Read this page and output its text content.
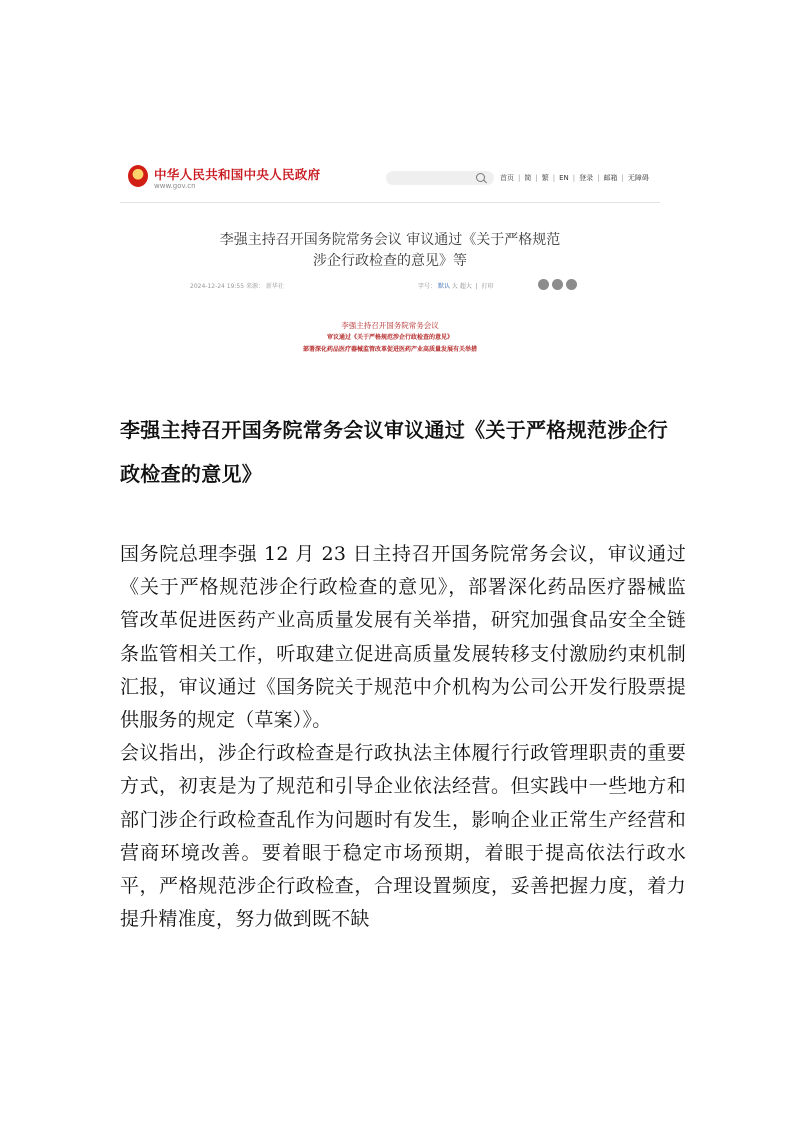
中华人民共和国中央人民政府
www.gov.cn
首页 | 简 | 繁 | EN | 登录 | 邮箱 | 无障碍
李强主持召开国务院常务会议 审议通过《关于严格规范
涉企行政检查的意见》等
2024-12-24 19:55 来源： 新华社	字号： 默认 大 超大  |  打印
李强主持召开国务院常务会议
审议通过《关于严格规范涉企行政检查的意见》
部署深化药品医疗器械监管改革促进医药产业高质量发展有关举措
李强主持召开国务院常务会议审议通过《关于严格规范涉企行政检查的意见》

国务院总理李强 12 月 23 日主持召开国务院常务会议，审议通过《关于严格规范涉企行政检查的意见》，部署深化药品医疗器械监管改革促进医药产业高质量发展有关举措，研究加强食品安全全链条监管相关工作，听取建立促进高质量发展转移支付激励约束机制汇报，审议通过《国务院关于规范中介机构为公司公开发行股票提供服务的规定（草案）》。

会议指出，涉企行政检查是行政执法主体履行行政管理职责的重要方式，初衷是为了规范和引导企业依法经营。但实践中一些地方和部门涉企行政检查乱作为问题时有发生，影响企业正常生产经营和营商环境改善。要着眼于稳定市场预期，着眼于提高依法行政水平，严格规范涉企行政检查，合理设置频度，妥善把握力度，着力提升精准度，努力做到既不缺
